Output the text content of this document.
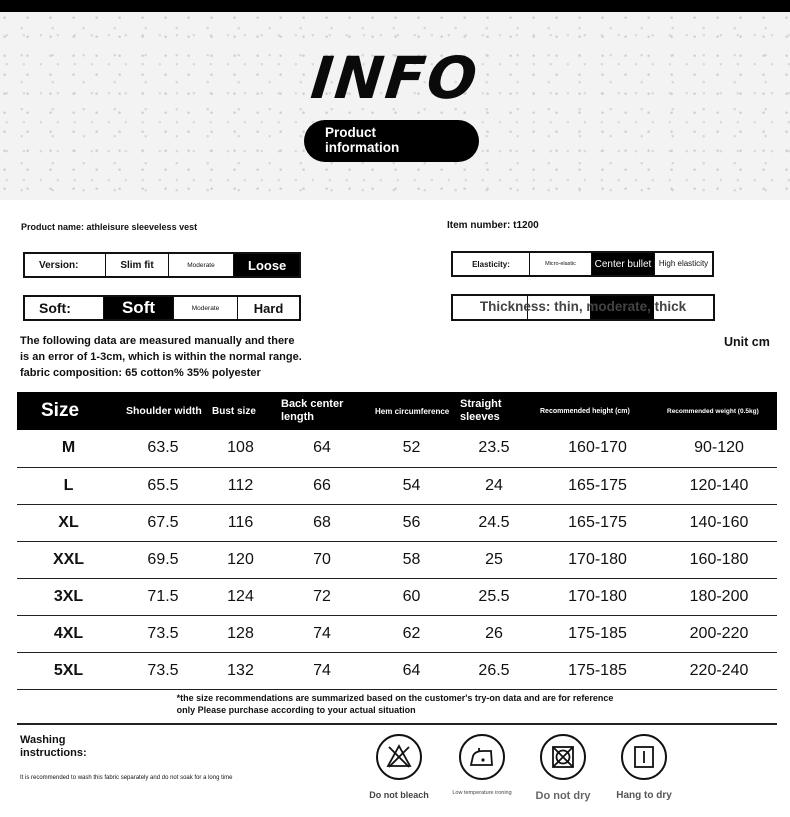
INFO
Product
information
Product name: athleisure sleeveless vest	Item number: t1200
Version:	Slim fit	Moderate	Loose	Elasticity:	Micro-elastic	Center bullet High elasticity
Soft:	Soft	Moderate	Hard	Thickness: thin, moderate, thick
The following data are measured manually and there
is an error of 1-3cm, which is within the normal range.
fabric composition: 65 cotton% 35% polyester
Unit cm
Size	Shoulder width	Bust size	Back center length	Hem circumference	Straight sleeves	Recommended height (cm)	Recommended weight (0.5kg)
M	63.5	108	64	52	23.5	160-170	90-120
L	65.5	112	66	54	24	165-175	120-140
XL	67.5	116	68	56	24.5	165-175	140-160
XXL	69.5	120	70	58	25	170-180	160-180
3XL	71.5	124	72	60	25.5	170-180	180-200
4XL	73.5	128	74	62	26	175-185	200-220
5XL	73.5	132	74	64	26.5	175-185	220-240
*the size recommendations are summarized based on the customer's try-on data and are for reference
only Please purchase according to your actual situation
Washing
instructions:
It is recommended to wash this fabric separately and do not soak for a long time
Do not bleach	Low temperature ironing	Do not dry	Hang to dry
